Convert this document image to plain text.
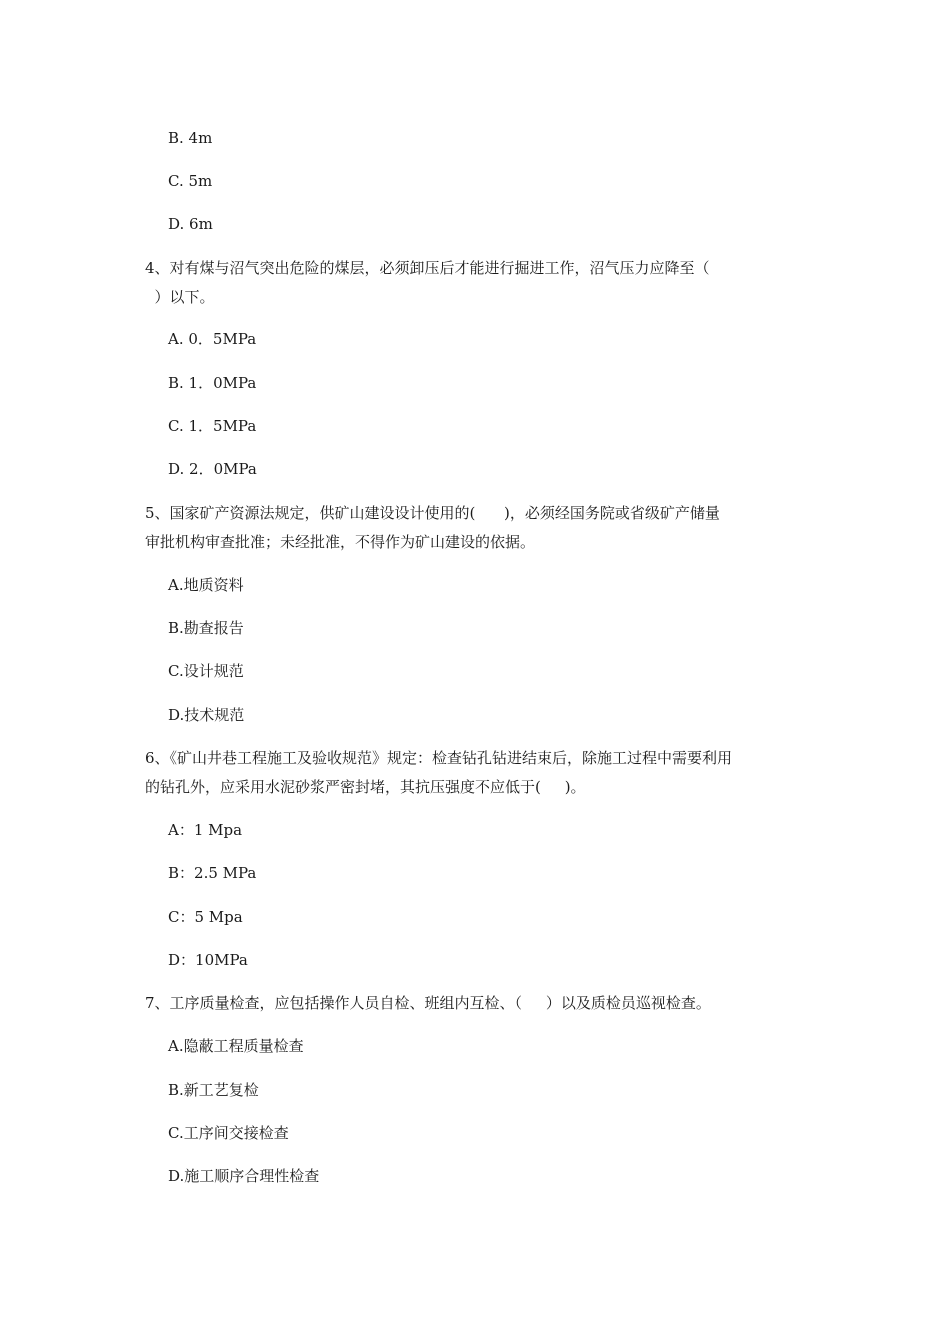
B. 4m
C. 5m
D. 6m
4、对有煤与沼气突出危险的煤层，必须卸压后才能进行掘进工作，沼气压力应降至（
）以下。
A. 0．5MPa
B. 1．0MPa
C. 1．5MPa
D. 2．0MPa
5、国家矿产资源法规定，供矿山建设设计使用的(      )，必须经国务院或省级矿产储量
审批机构审查批准；未经批准，不得作为矿山建设的依据。
A.地质资料
B.勘查报告
C.设计规范
D.技术规范
6、《矿山井巷工程施工及验收规范》规定：检查钻孔钻进结束后，除施工过程中需要利用
的钻孔外，应采用水泥砂浆严密封堵，其抗压强度不应低于(     )。
A：1 Mpa
B：2.5 MPa
C：5 Mpa
D：10MPa
7、工序质量检查，应包括操作人员自检、班组内互检、（     ）以及质检员巡视检查。
A.隐蔽工程质量检查
B.新工艺复检
C.工序间交接检查
D.施工顺序合理性检查
